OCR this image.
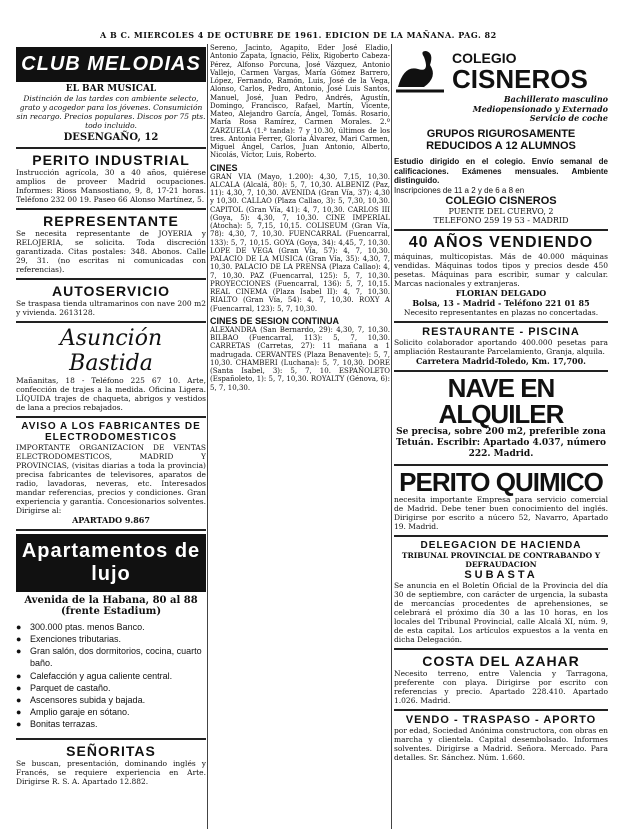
A B C. MIERCOLES 4 DE OCTUBRE DE 1961. EDICION DE LA MAÑANA. PAG. 82
CLUB MELODIAS
EL BAR MUSICAL
Distinción de las tardes con ambiente selecto, grato y acogedor para los jóvenes. Consumición sin recargo. Precios populares. Discos por 75 pts. todo incluido.
DESENGAÑO, 12
PERITO INDUSTRIAL
Instrucción agrícola, 30 a 40 años, quiérese amplios de proveer Madrid ocupaciones. Informes: Rioss Mansostiano, 9, 8, 17-21 horas. Teléfono 232 00 19. Paseo 66 Alonso Martínez, 5.
REPRESENTANTE
Se necesita representante de JOYERIA y RELOJERIA, se solicita. Toda discreción garantizada. Citas postales: 348. Abonos. Calle 29, 31. (no escritas ni comunicadas con referencias).
AUTOSERVICIO
Se traspasa tienda ultramarinos con nave 200 m2 y vivienda. 2613128.
Asunción Bastida
Mañanitas, 18 - Teléfono 225 67 10. Arte, confección de trajes a la medida. Oficina Ligera. LÍQUIDA trajes de chaqueta, abrigos y vestidos de lana a precios rebajados.
AVISO A LOS FABRICANTES DE ELECTRODOMESTICOS
IMPORTANTE ORGANIZACION DE VENTAS ELECTRODOMESTICOS, MADRID Y PROVINCIAS, (visitas diarias a toda la provincia) precisa fabricantes de televisores, aparatos de radio, lavadoras, neveras, etc. Interesados mandar referencias, precios y condiciones. Gran experiencia y garantía. Concesionarios solventes. Dirigirse al:
APARTADO 9.867
Apartamentos de lujo
Avenida de la Habana, 80 al 88
(frente Estadium)
● 300.000 ptas. menos Banco.
● Exenciones tributarias.
● Gran salón, dos dormitorios, cocina, cuarto baño.
● Calefacción y agua caliente central.
● Parquet de castaño.
● Ascensores subida y bajada.
● Amplio garaje en sótano.
● Bonitas terrazas.
SEÑORITAS
Se buscan, presentación, dominando inglés y Francés, se requiere experiencia en Arte. Dirigirse R. S. A. Apartado 12.882.
Sereno, Jacinto, Agapito, Eder José Eladio, Antonio Zapata, Ignacio, Félix, Rigoberto Cabeza-Pérez, Alfonso Porcuna, José Vázquez, Antonio Vallejo, Carmen Vargas, María Gómez Barrero, López, Fernando, Ramón, Luis, José de la Vega, Alonso, Carlos, Pedro, Antonio, José Luis Santos, Manuel, José, Juan Pedro, Andrés, Agustín, Domingo, Francisco, Rafael, Martín, Vicente, Mateo, Alejandro García, Ángel, Tomás. Rosario, María Rosa Ramírez, Carmen Morales. 2.º ZARZUELA (1.ª tanda): 7 y 10.30, últimos de los tres. Antonia Ferrer, Gloria Álvarez, Mari Carmen, Miguel Ángel, Carlos, Juan Antonio, Alberto, Nicolás, Víctor, Luis, Roberto.
CINES
GRAN VIA (Mayo, 1.200): 4,30, 7,15, 10,30. ALCALA (Alcalá, 80): 5, 7, 10,30. ALBENIZ (Paz, 11): 4,30, 7, 10,30. AVENIDA (Gran Vía, 37): 4,30 y 10,30. CALLAO (Plaza Callao, 3): 5, 7,30, 10,30. CAPITOL (Gran Vía, 41): 4, 7, 10,30. CARLOS III (Goya, 5): 4,30, 7, 10,30. CINE IMPERIAL (Atocha): 5, 7,15, 10,15. COLISEUM (Gran Vía, 78): 4,30, 7, 10,30. FUENCARRAL (Fuencarral, 133): 5, 7, 10,15. GOYA (Goya, 34): 4,45, 7, 10,30. LOPE DE VEGA (Gran Vía, 57): 4, 7, 10,30. PALACIO DE LA MUSICA (Gran Vía, 35): 4,30, 7, 10,30. PALACIO DE LA PRENSA (Plaza Callao): 4, 7, 10,30. PAZ (Fuencarral, 125): 5, 7, 10,30. PROYECCIONES (Fuencarral, 136): 5, 7, 10,15. REAL CINEMA (Plaza Isabel II): 4, 7, 10,30. RIALTO (Gran Vía, 54): 4, 7, 10,30. ROXY A (Fuencarral, 123): 5, 7, 10,30.
CINES DE SESION CONTINUA
ALEXANDRA (San Bernardo, 29): 4,30, 7, 10,30. BILBAO (Fuencarral, 113): 5, 7, 10,30. CARRETAS (Carretas, 27): 11 mañana a 1 madrugada. CERVANTES (Plaza Benavente): 5, 7, 10,30. CHAMBERI (Luchana): 5, 7, 10,30. DORE (Santa Isabel, 3): 5, 7, 10. ESPAÑOLETO (Españoleto, 1): 5, 7, 10,30. ROYALTY (Génova, 6): 5, 7, 10,30.
COLEGIO
CISNEROS
Bachillerato masculino
Mediopensionado y Externado
Servicio de coche
GRUPOS RIGUROSAMENTE REDUCIDOS A 12 ALUMNOS
Estudio dirigido en el colegio. Envío semanal de calificaciones. Exámenes mensuales. Ambiente distinguido.
Inscripciones de 11 a 2 y de 6 a 8 en
COLEGIO CISNEROS
PUENTE DEL CUERVO, 2
TELEFONO 259 19 53 - MADRID
40 AÑOS VENDIENDO
máquinas, multicopistas. Más de 40.000 máquinas vendidas. Máquinas todos tipos y precios desde 450 pesetas. Máquinas para escribir, sumar y calcular. Marcas nacionales y extranjeras.
FLORIAN DELGADO
Bolsa, 13 - Madrid - Teléfono 221 01 85
Necesito representantes en plazas no concertadas.
RESTAURANTE - PISCINA
Solicito colaborador aportando 400.000 pesetas para ampliación Restaurante Parcelamiento, Granja, alquila.
Carretera Madrid-Toledo, Km. 17,700.
NAVE EN ALQUILER
Se precisa, sobre 200 m2, preferible zona Tetuán. Escribir: Apartado 4.037, número 222. Madrid.
PERITO QUIMICO
necesita importante Empresa para servicio comercial de Madrid. Debe tener buen conocimiento del inglés. Dirigirse por escrito a núcero 52, Navarro, Apartado 19. Madrid.
DELEGACION DE HACIENDA
TRIBUNAL PROVINCIAL DE CONTRABANDO Y DEFRAUDACION
SUBASTA
Se anuncia en el Boletín Oficial de la Provincia del día 30 de septiembre, con carácter de urgencia, la subasta de mercancías procedentes de aprehensiones, se celebrará el próximo día 30 a las 10 horas, en los locales del Tribunal Provincial, calle Alcalá XI, núm. 9, de esta capital. Los artículos expuestos a la venta en dicha Delegación.
COSTA DEL AZAHAR
Necesito terreno, entre Valencia y Tarragona, preferente con playa. Dirigirse por escrito con referencias y precio. Apartado 228.410. Apartado 1.026. Madrid.
VENDO - TRASPASO - APORTO
por edad, Sociedad Anónima constructora, con obras en marcha y clientela. Capital desembolsado. Informes solventes. Dirigirse a Madrid. Señora. Mercado. Para detalles. Sr. Sánchez. Núm. 1.660.
